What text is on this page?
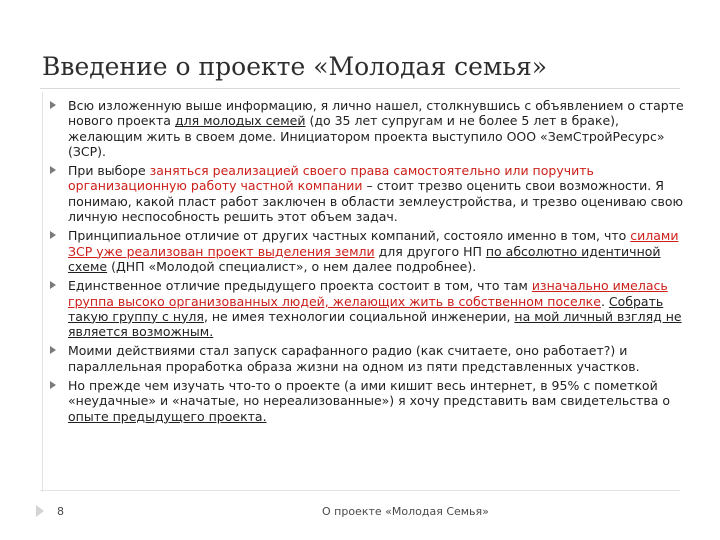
Введение о проекте «Молодая семья»
Всю изложенную выше информацию, я лично нашел, столкнувшись с объявлением о старте нового проекта для молодых семей (до 35 лет супругам и не более 5 лет в браке), желающим жить в своем доме. Инициатором проекта выступило ООО «ЗемСтройРесурс» (ЗСР).
При выборе заняться реализацией своего права самостоятельно или поручить организационную работу частной компании – стоит трезво оценить свои возможности. Я понимаю, какой пласт работ заключен в области землеустройства, и трезво оцениваю свою личную неспособность решить этот объем задач.
Принципиальное отличие от других частных компаний, состояло именно в том, что силами ЗСР уже реализован проект выделения земли для другого НП по абсолютно идентичной схеме (ДНП «Молодой специалист», о нем далее подробнее).
Единственное отличие предыдущего проекта состоит в том, что там изначально имелась группа высоко организованных людей, желающих жить в собственном поселке. Собрать такую группу с нуля, не имея технологии социальной инженерии, на мой личный взгляд не является возможным.
Моими действиями стал запуск сарафанного радио (как считаете, оно работает?) и параллельная проработка образа жизни на одном из пяти представленных участков.
Но прежде чем изучать что-то о проекте (а ими кишит весь интернет, в 95% с пометкой «неудачные» и «начатые, но нереализованные») я хочу представить вам свидетельства о опыте предыдущего проекта.
8	О проекте «Молодая Семья»
